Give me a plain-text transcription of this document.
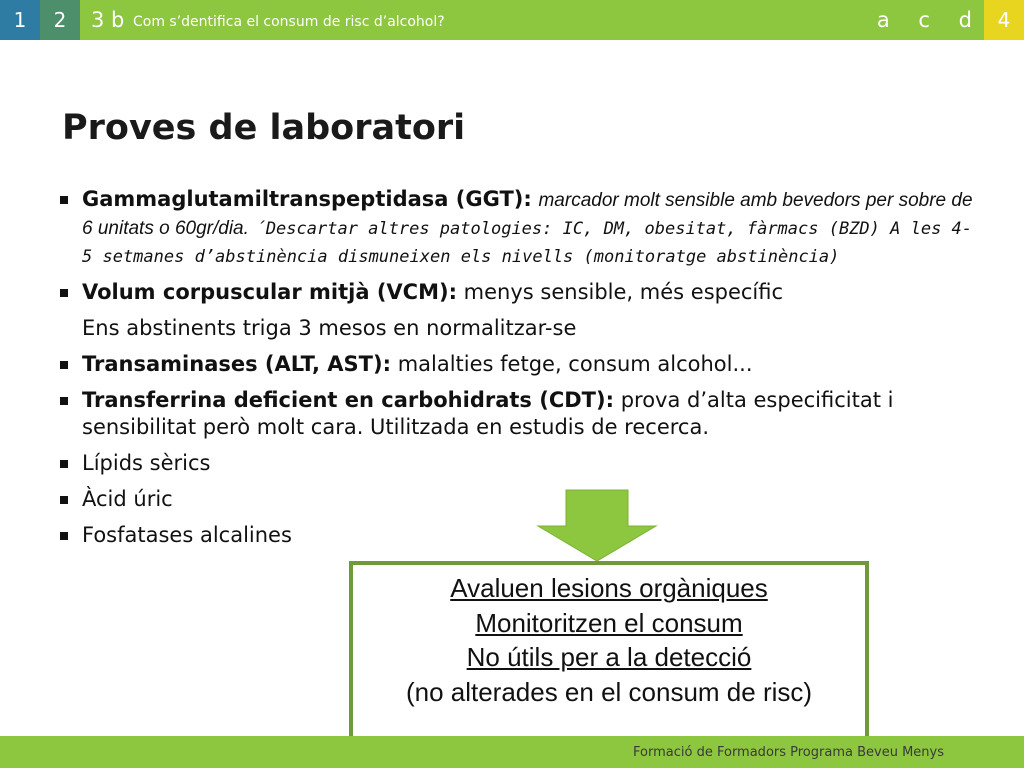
1	2	3 b Com s’dentifica el consum de risc d’alcohol?	a c d	4
Proves de laboratori
Gammaglutamiltranspeptidasa (GGT): marcador molt sensible amb bevedors per sobre de 6 unitats o 60gr/dia. ´Descartar altres patologies: IC, DM, obesitat, fàrmacs (BZD) A les 4-5 setmanes d’abstinència dismuneixen els nivells (monitoratge abstinència)
Volum corpuscular mitjà (VCM): menys sensible, més específic
Ens abstinents triga 3 mesos en normalitzar-se
Transaminases (ALT, AST): malalties fetge, consum alcohol...
Transferrina deficient en carbohidrats (CDT): prova d’alta especificitat i sensibilitat però molt cara. Utilitzada en estudis de recerca.
Lípids sèrics
Àcid úric
Fosfatases alcalines
Avaluen lesions orgàniques
Monitoritzen el consum
No útils per a la detecció
(no alterades en el consum de risc)
Formació de Formadors Programa Beveu Menys
